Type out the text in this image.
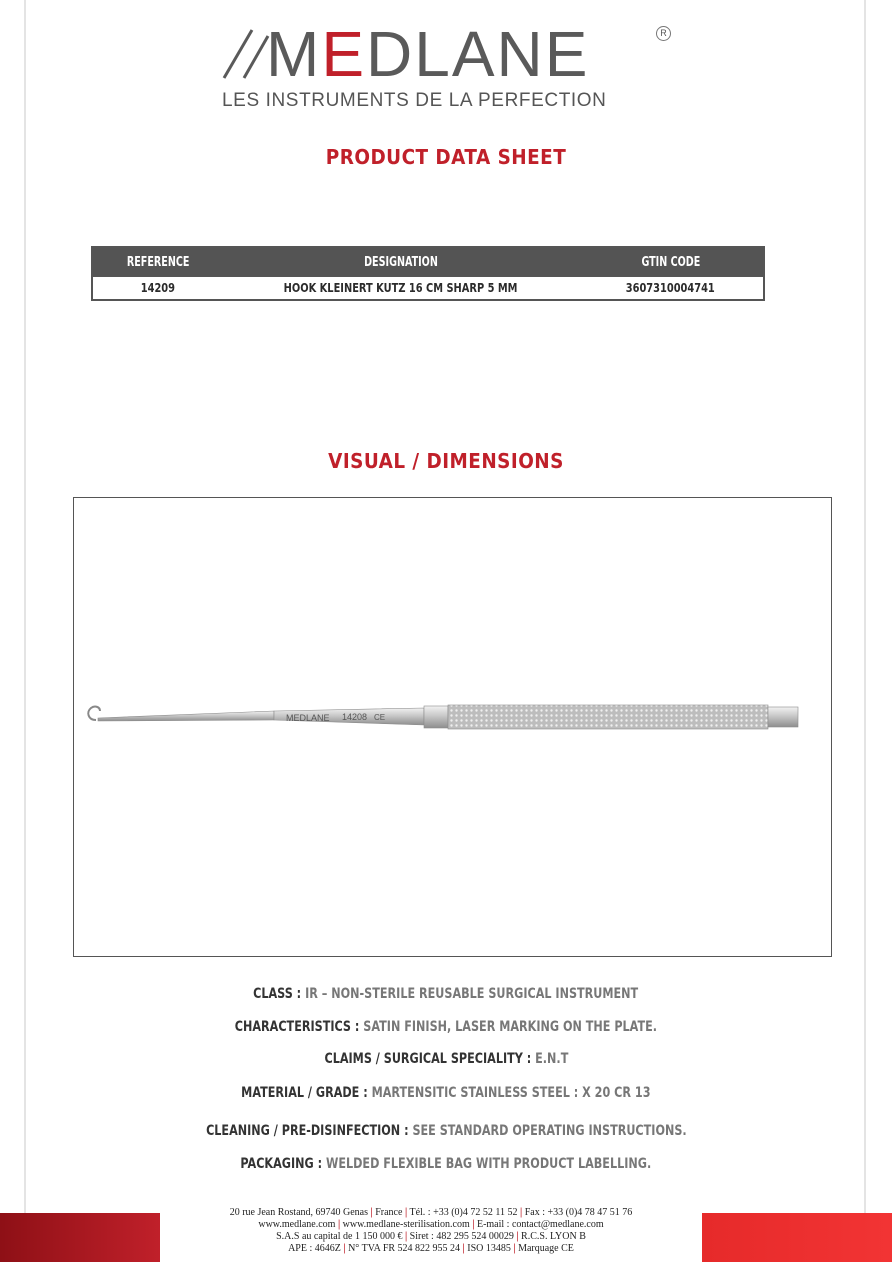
MEDLANE	R
LES INSTRUMENTS DE LA PERFECTION
PRODUCT DATA SHEET
REFERENCE	DESIGNATION	GTIN CODE
14209	HOOK KLEINERT KUTZ 16 CM SHARP 5 MM	3607310004741
VISUAL / DIMENSIONS
MEDLANE 14208 CE
CLASS : IR – NON-STERILE REUSABLE SURGICAL INSTRUMENT
CHARACTERISTICS : SATIN FINISH, LASER MARKING ON THE PLATE.
CLAIMS / SURGICAL SPECIALITY : E.N.T
MATERIAL / GRADE : MARTENSITIC STAINLESS STEEL : X 20 CR 13
CLEANING / PRE-DISINFECTION : SEE STANDARD OPERATING INSTRUCTIONS.
PACKAGING : WELDED FLEXIBLE BAG WITH PRODUCT LABELLING.
20 rue Jean Rostand, 69740 Genas | France | Tél. : +33 (0)4 72 52 11 52 | Fax : +33 (0)4 78 47 51 76
www.medlane.com | www.medlane-sterilisation.com | E-mail : contact@medlane.com
S.A.S au capital de 1 150 000 € | Siret : 482 295 524 00029 | R.C.S. LYON B
APE : 4646Z | N° TVA FR 524 822 955 24 | ISO 13485 | Marquage CE
